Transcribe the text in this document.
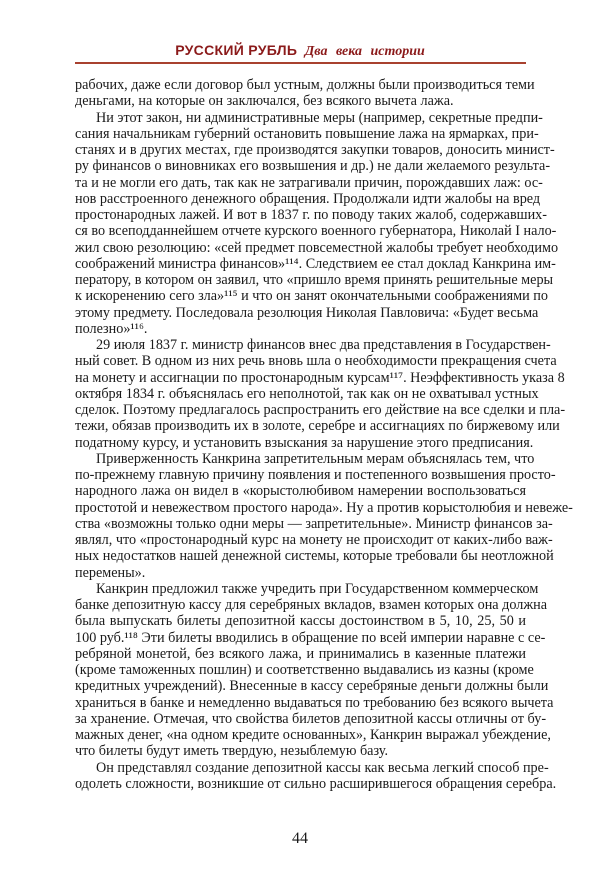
РУССКИЙ РУБЛЬ Два века истории
рабочих, даже если договор был устным, должны были производиться теми
деньгами, на которые он заключался, без всякого вычета лажа.
Ни этот закон, ни административные меры (например, секретные предпи-
сания начальникам губерний остановить повышение лажа на ярмарках, при-
станях и в других местах, где производятся закупки товаров, доносить минист-
ру финансов о виновниках его возвышения и др.) не дали желаемого результа-
та и не могли его дать, так как не затрагивали причин, порождавших лаж: ос-
нов расстроенного денежного обращения. Продолжали идти жалобы на вред
простонародных лажей. И вот в 1837 г. по поводу таких жалоб, содержавших-
ся во всеподданнейшем отчете курского военного губернатора, Николай I нало-
жил свою резолюцию: «сей предмет повсеместной жалобы требует необходимо
соображений министра финансов»¹¹⁴. Следствием ее стал доклад Канкрина им-
ператору, в котором он заявил, что «пришло время принять решительные меры
к искоренению сего зла»¹¹⁵ и что он занят окончательными соображениями по
этому предмету. Последовала резолюция Николая Павловича: «Будет весьма
полезно»¹¹⁶.
29 июля 1837 г. министр финансов внес два представления в Государствен-
ный совет. В одном из них речь вновь шла о необходимости прекращения счета
на монету и ассигнации по простонародным курсам¹¹⁷. Неэффективность указа 8
октября 1834 г. объяснялась его неполнотой, так как он не охватывал устных
сделок. Поэтому предлагалось распространить его действие на все сделки и пла-
тежи, обязав производить их в золоте, серебре и ассигнациях по биржевому или
податному курсу, и установить взыскания за нарушение этого предписания.
Приверженность Канкрина запретительным мерам объяснялась тем, что
по-прежнему главную причину появления и постепенного возвышения просто-
народного лажа он видел в «корыстолюбивом намерении воспользоваться
простотой и невежеством простого народа». Ну а против корыстолюбия и невеже-
ства «возможны только одни меры — запретительные». Министр финансов за-
являл, что «простонародный курс на монету не происходит от каких-либо важ-
ных недостатков нашей денежной системы, которые требовали бы неотложной
перемены».
Канкрин предложил также учредить при Государственном коммерческом
банке депозитную кассу для серебряных вкладов, взамен которых она должна
была выпускать билеты депозитной кассы достоинством в 5, 10, 25, 50 и
100 руб.¹¹⁸ Эти билеты вводились в обращение по всей империи наравне с се-
ребряной монетой, без всякого лажа, и принимались в казенные платежи
(кроме таможенных пошлин) и соответственно выдавались из казны (кроме
кредитных учреждений). Внесенные в кассу серебряные деньги должны были
храниться в банке и немедленно выдаваться по требованию без всякого вычета
за хранение. Отмечая, что свойства билетов депозитной кассы отличны от бу-
мажных денег, «на одном кредите основанных», Канкрин выражал убеждение,
что билеты будут иметь твердую, незыблемую базу.
Он представлял создание депозитной кассы как весьма легкий способ пре-
одолеть сложности, возникшие от сильно расширившегося обращения серебра.
44
